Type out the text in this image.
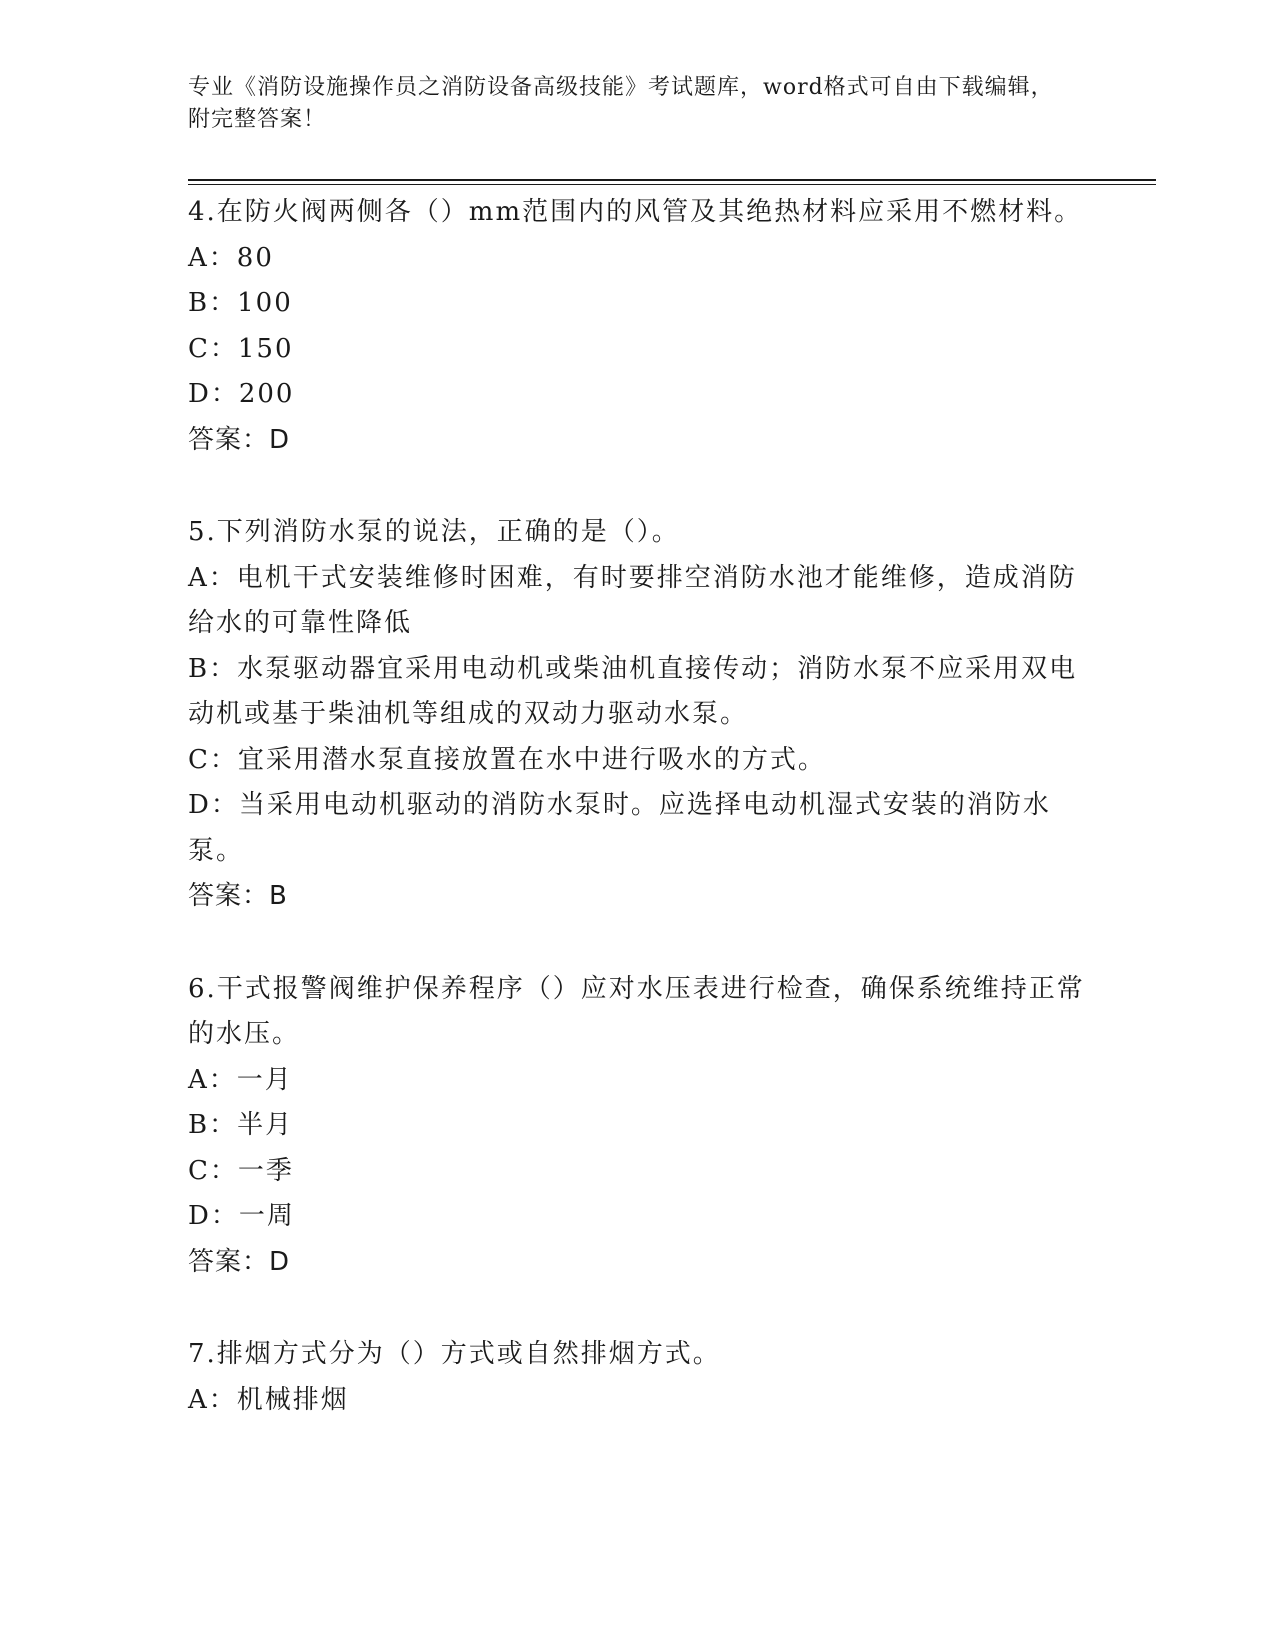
专业《消防设施操作员之消防设备高级技能》考试题库，word格式可自由下载编辑，附完整答案！

4.在防火阀两侧各（）mm范围内的风管及其绝热材料应采用不燃材料。

A：80

B：100

C：150

D：200

答案：D

5.下列消防水泵的说法，正确的是（）。

A：电机干式安装维修时困难，有时要排空消防水池才能维修，造成消防给水的可靠性降低

B：水泵驱动器宜采用电动机或柴油机直接传动；消防水泵不应采用双电动机或基于柴油机等组成的双动力驱动水泵。

C：宜采用潜水泵直接放置在水中进行吸水的方式。

D：当采用电动机驱动的消防水泵时。应选择电动机湿式安装的消防水泵。

答案：B

6.干式报警阀维护保养程序（）应对水压表进行检查，确保系统维持正常的水压。

A：一月

B：半月

C：一季

D：一周

答案：D

7.排烟方式分为（）方式或自然排烟方式。

A：机械排烟
